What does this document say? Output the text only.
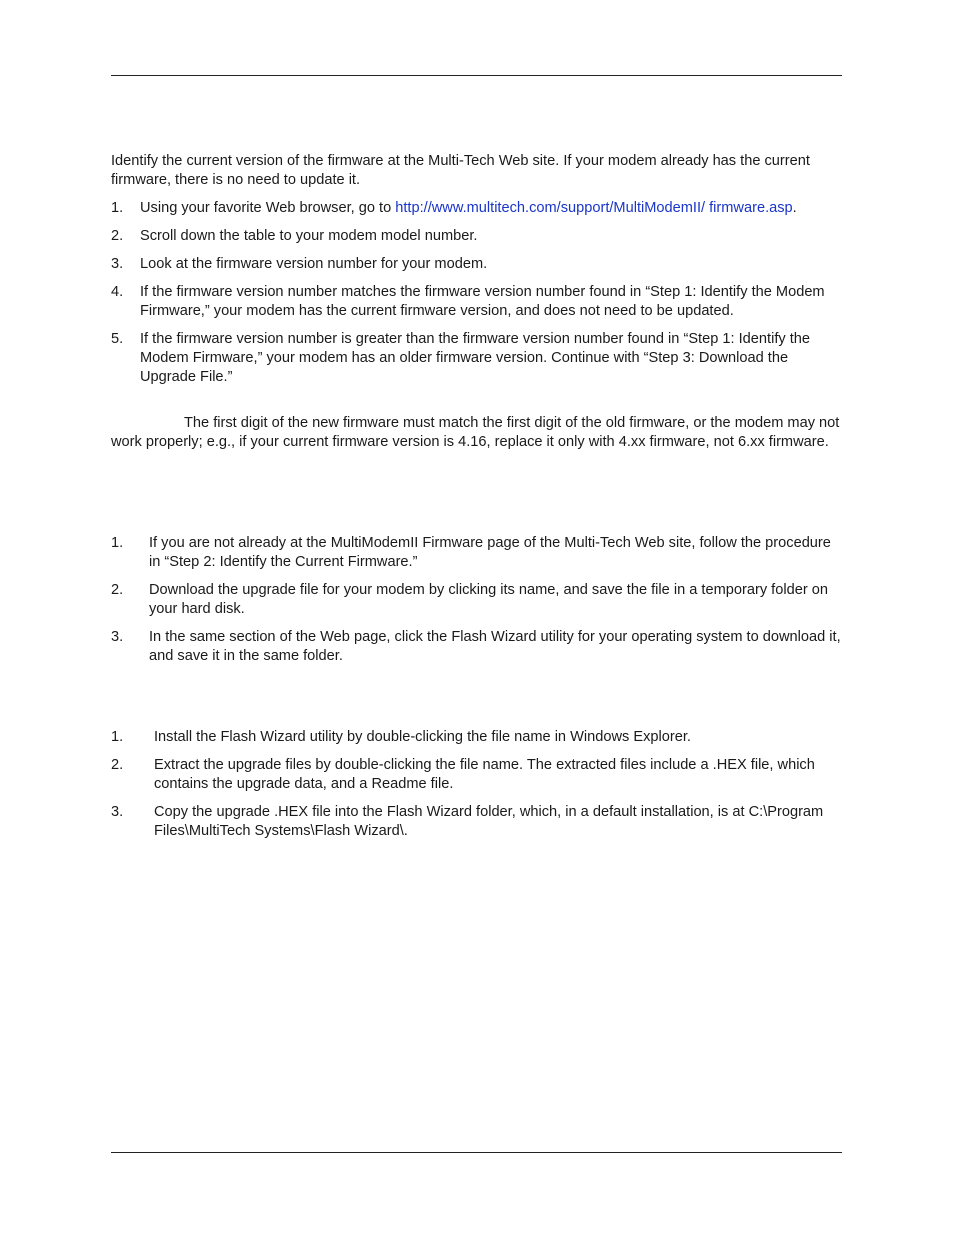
Identify the current version of the firmware at the Multi-Tech Web site. If your modem already has the current firmware, there is no need to update it.

1. Using your favorite Web browser, go to http://www.multitech.com/support/MultiModemII/ firmware.asp.
2. Scroll down the table to your modem model number.
3. Look at the firmware version number for your modem.
4. If the firmware version number matches the firmware version number found in “Step 1: Identify the Modem Firmware,” your modem has the current firmware version, and does not need to be updated.
5. If the firmware version number is greater than the firmware version number found in “Step 1: Identify the Modem Firmware,” your modem has an older firmware version. Continue with “Step 3: Download the Upgrade File.”

The first digit of the new firmware must match the first digit of the old firmware, or the modem may not work properly; e.g., if your current firmware version is 4.16, replace it only with 4.xx firmware, not 6.xx firmware.

1. If you are not already at the MultiModemII Firmware page of the Multi-Tech Web site, follow the procedure in “Step 2: Identify the Current Firmware.”
2. Download the upgrade file for your modem by clicking its name, and save the file in a temporary folder on your hard disk.
3. In the same section of the Web page, click the Flash Wizard utility for your operating system to download it, and save it in the same folder.
1. Install the Flash Wizard utility by double-clicking the file name in Windows Explorer.
2. Extract the upgrade files by double-clicking the file name. The extracted files include a .HEX file, which contains the upgrade data, and a Readme file.
3. Copy the upgrade .HEX file into the Flash Wizard folder, which, in a default installation, is at C:\Program Files\MultiTech Systems\Flash Wizard\.
